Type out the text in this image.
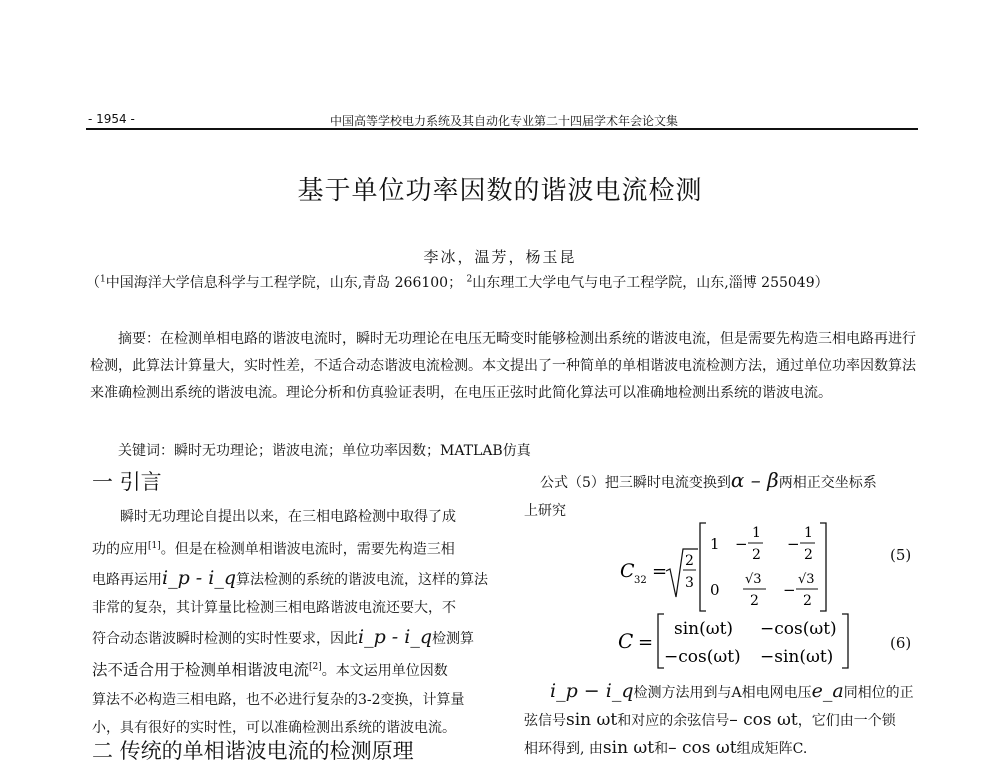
- 1954 -	中国高等学校电力系统及其自动化专业第二十四届学术年会论文集
基于单位功率因数的谐波电流检测
李冰，温芳，杨玉昆
（$^1$中国海洋大学信息科学与工程学院，山东,青岛 266100； $^2$山东理工大学电气与电子工程学院，山东,淄博 255049）
摘要：在检测单相电路的谐波电流时，瞬时无功理论在电压无畸变时能够检测出系统的谐波电流，但是需要先构造三相电路再进行检测，此算法计算量大，实时性差，不适合动态谐波电流检测。本文提出了一种简单的单相谐波电流检测方法，通过单位功率因数算法来准确检测出系统的谐波电流。理论分析和仿真验证表明，在电压正弦时此简化算法可以准确地检测出系统的谐波电流。
关键词：瞬时无功理论；谐波电流；单位功率因数；MATLAB仿真
一 引言
瞬时无功理论自提出以来，在三相电路检测中取得了成
功的应用[1]。但是在检测单相谐波电流时，需要先构造三相
电路再运用i_p - i_q算法检测的系统的谐波电流，这样的算法
非常的复杂，其计算量比检测三相电路谐波电流还要大，不
符合动态谐波瞬时检测的实时性要求，因此i_p - i_q检测算
法不适合用于检测单相谐波电流[2]。本文运用单位因数
算法不必构造三相电路，也不必进行复杂的3-2变换，计算量
小，具有很好的实时性，可以准确检测出系统的谐波电流。
二 传统的单相谐波电流的检测原理
公式（5）把三瞬时电流变换到α – β两相正交坐标系
上研究
C 32 = 2
3
1 −
1
2
−
1
2
0
√3
2
−
√3
2
(5)
C =
sin(ωt) −cos(ωt)
−cos(ωt) −sin(ωt)
(6)
i_p − i_q检测方法用到与A相电网电压e_a同相位的正
弦信号sin ωt和对应的余弦信号– cos ωt，它们由一个锁
相环得到, 由sin ωt和– cos ωt组成矩阵C.
